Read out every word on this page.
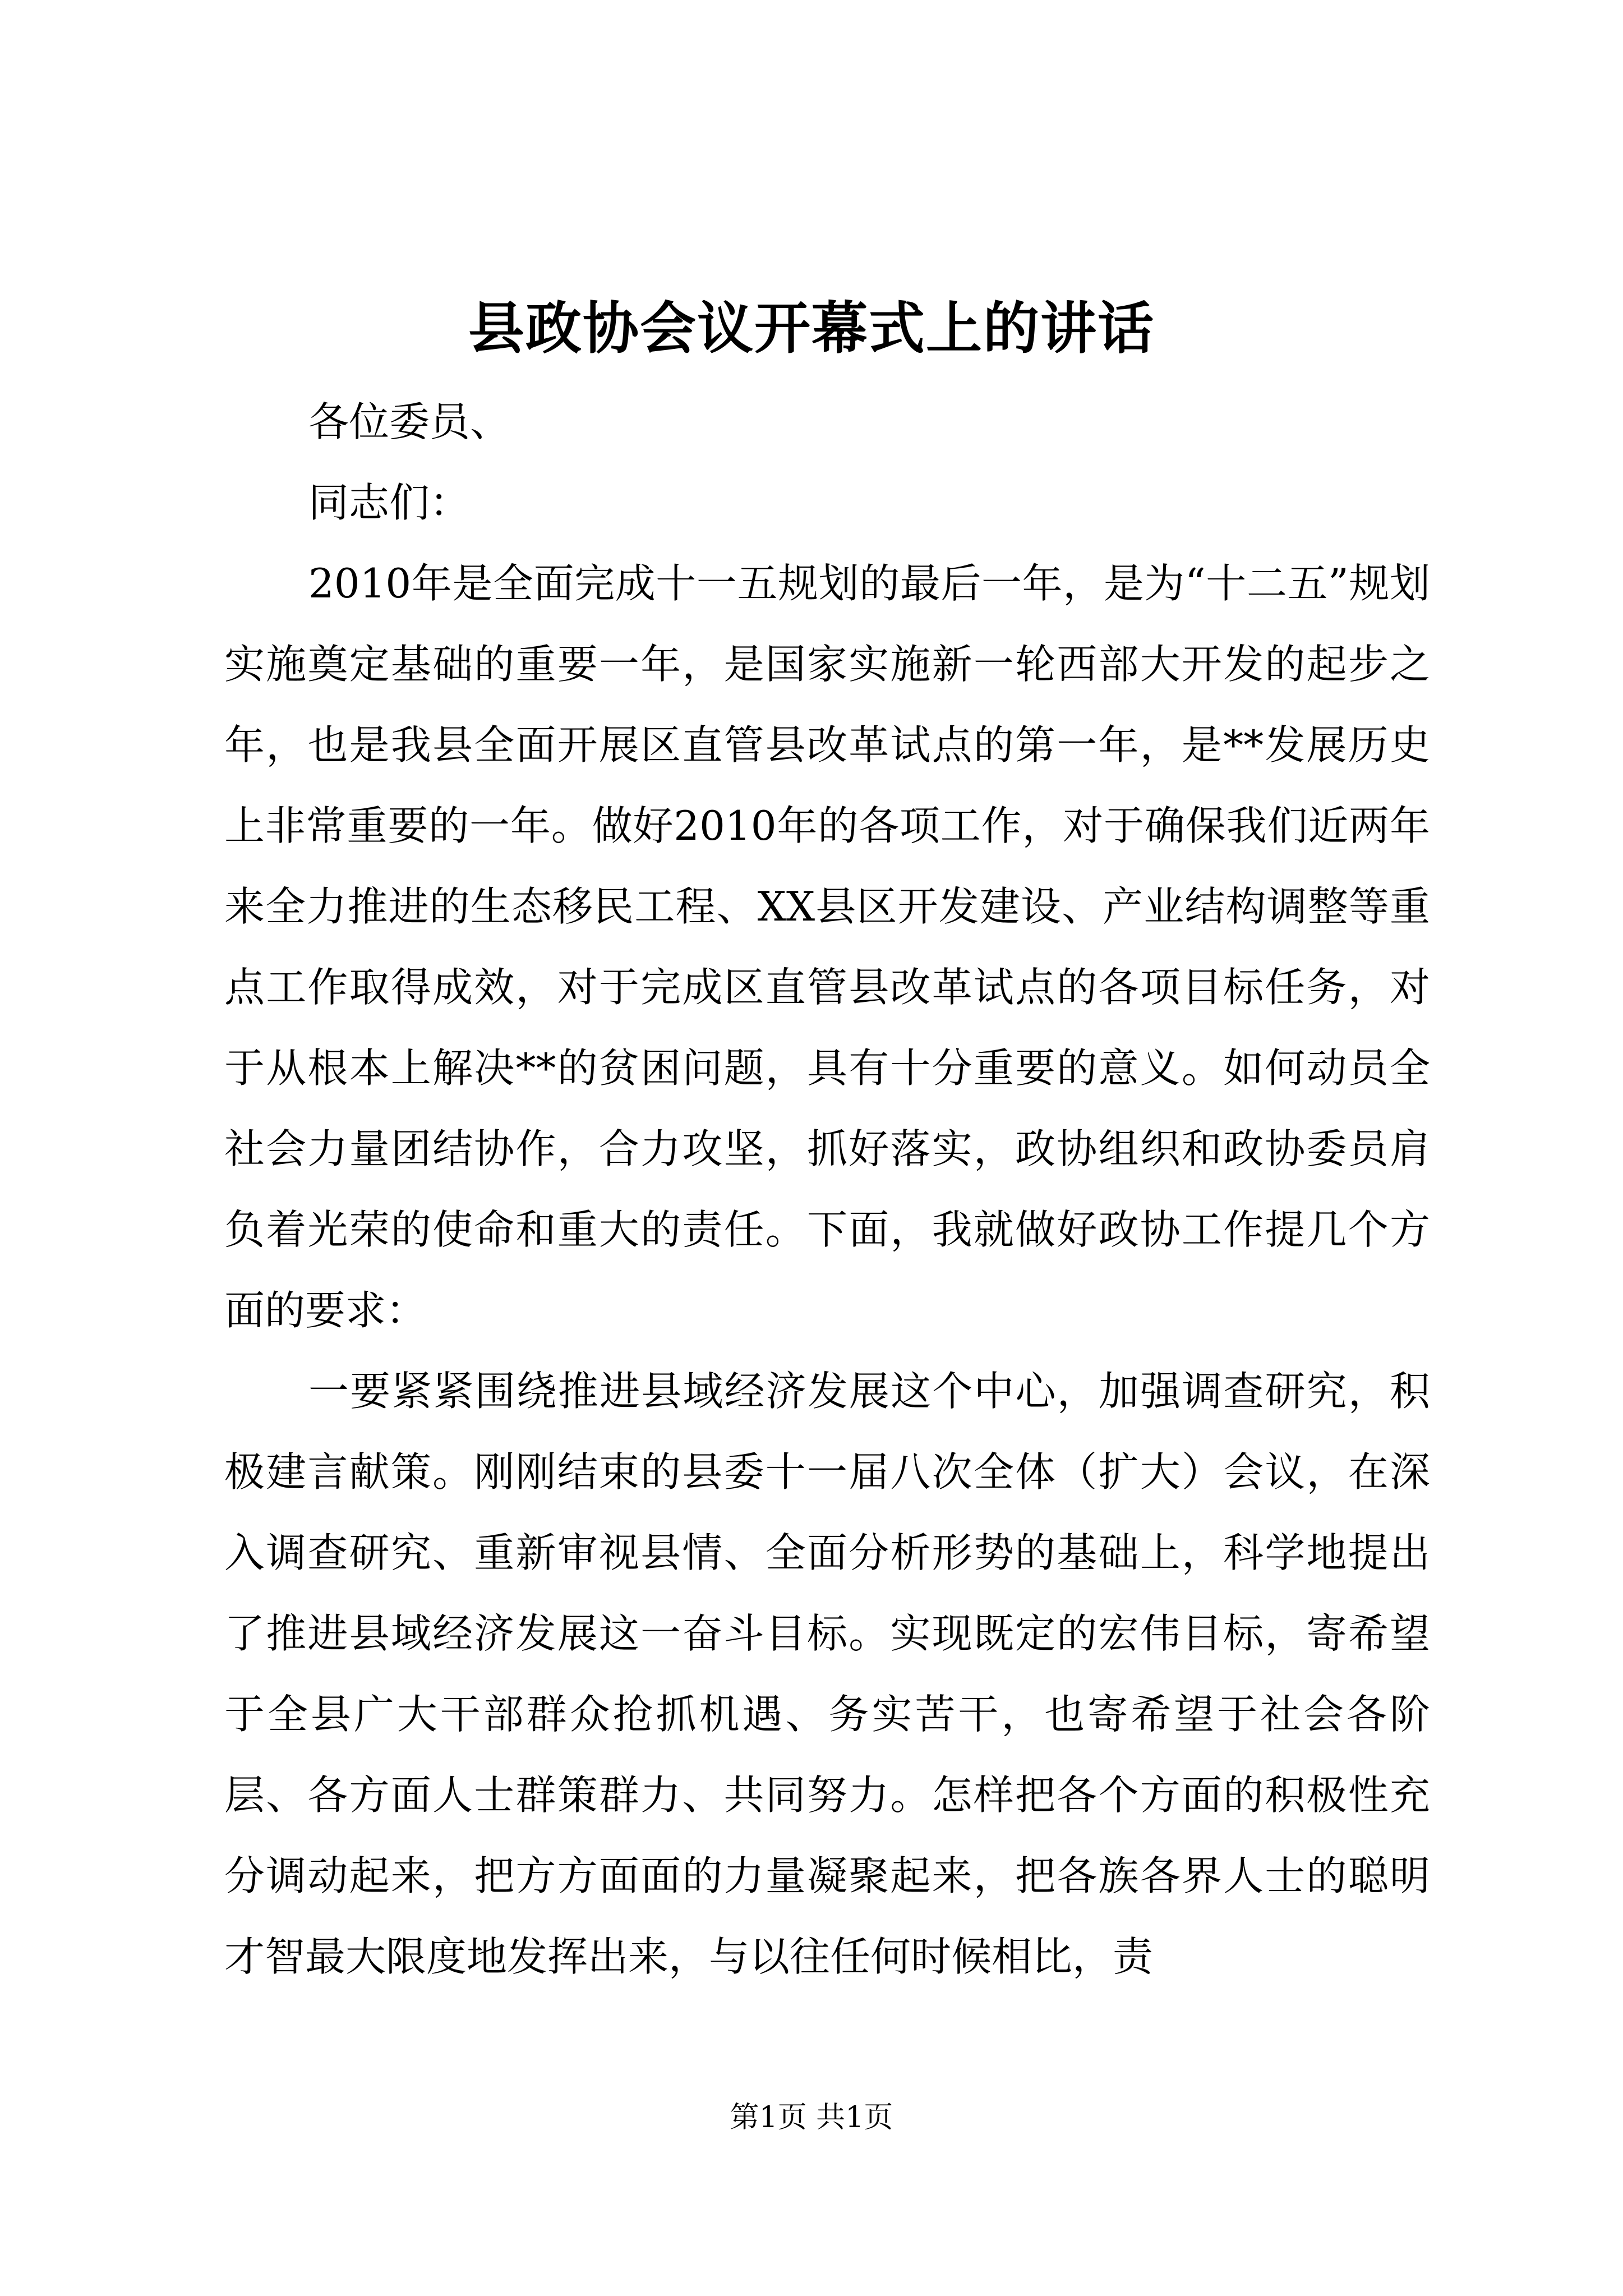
县政协会议开幕式上的讲话

各位委员、

同志们：

2010年是全面完成十一五规划的最后一年，是为“十二五”规划实施奠定基础的重要一年，是国家实施新一轮西部大开发的起步之年，也是我县全面开展区直管县改革试点的第一年，是**发展历史上非常重要的一年。做好2010年的各项工作，对于确保我们近两年来全力推进的生态移民工程、XX县区开发建设、产业结构调整等重点工作取得成效，对于完成区直管县改革试点的各项目标任务，对于从根本上解决**的贫困问题，具有十分重要的意义。如何动员全社会力量团结协作，合力攻坚，抓好落实，政协组织和政协委员肩负着光荣的使命和重大的责任。下面，我就做好政协工作提几个方面的要求：

一要紧紧围绕推进县域经济发展这个中心，加强调查研究，积极建言献策。刚刚结束的县委十一届八次全体（扩大）会议，在深入调查研究、重新审视县情、全面分析形势的基础上，科学地提出了推进县域经济发展这一奋斗目标。实现既定的宏伟目标，寄希望于全县广大干部群众抢抓机遇、务实苦干，也寄希望于社会各阶层、各方面人士群策群力、共同努力。怎样把各个方面的积极性充分调动起来，把方方面面的力量凝聚起来，把各族各界人士的聪明才智最大限度地发挥出来，与以往任何时候相比，责

第1页 共1页
